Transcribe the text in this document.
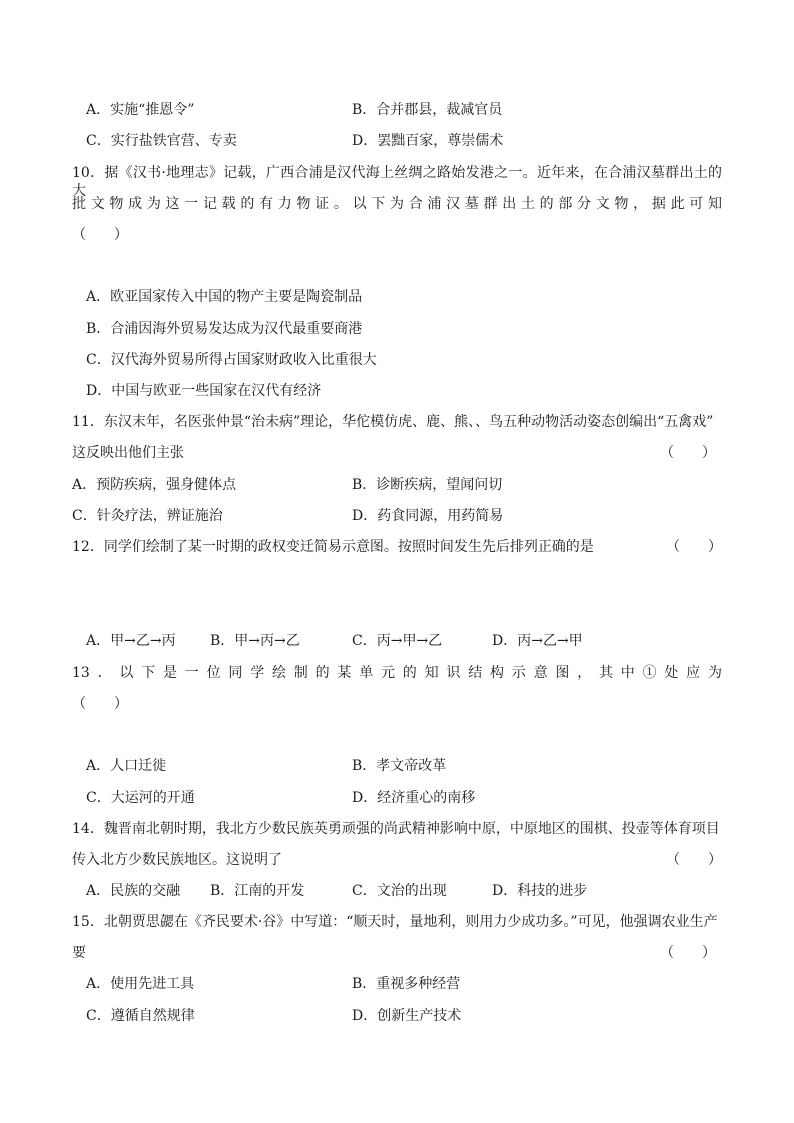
A．实施“推恩令”	B．合并郡县，裁减官员
C．实行盐铁官营、专卖	D．罢黜百家，尊崇儒术
10．据《汉书·地理志》记载，广西合浦是汉代海上丝绸之路始发港之一。近年来，在合浦汉墓群出土的大
批文物成为这一记载的有力物证。以下为合浦汉墓群出土的部分文物，据此可知
（　　）
A．欧亚国家传入中国的物产主要是陶瓷制品
B．合浦因海外贸易发达成为汉代最重要商港
C．汉代海外贸易所得占国家财政收入比重很大
D．中国与欧亚一些国家在汉代有经济
11．东汉末年，名医张仲景“治未病”理论，华佗模仿虎、鹿、熊、、鸟五种动物活动姿态创编出“五禽戏”
这反映出他们主张	（　　）
A．预防疾病，强身健体点	B．诊断疾病，望闻问切
C．针灸疗法，辨证施治	D．药食同源，用药简易
12．同学们绘制了某一时期的政权变迁简易示意图。按照时间发生先后排列正确的是	（　　）
A．甲→乙→丙 B．甲→丙→乙	C．丙→甲→乙	D．丙→乙→甲
13．以下是一位同学绘制的某单元的知识结构示意图，其中①处应为
（　　）
A．人口迁徙	B．孝文帝改革
C．大运河的开通	D．经济重心的南移
14．魏晋南北朝时期，我北方少数民族英勇顽强的尚武精神影响中原，中原地区的围棋、投壶等体育项目
传入北方少数民族地区。这说明了	（　　）
A．民族的交融 B．江南的开发	C．文治的出现	D．科技的进步
15．北朝贾思勰在《齐民要术·谷》中写道：“顺天时，量地利，则用力少成功多。”可见，他强调农业生产
要	（　　）
A．使用先进工具	B．重视多种经营
C．遵循自然规律	D．创新生产技术
